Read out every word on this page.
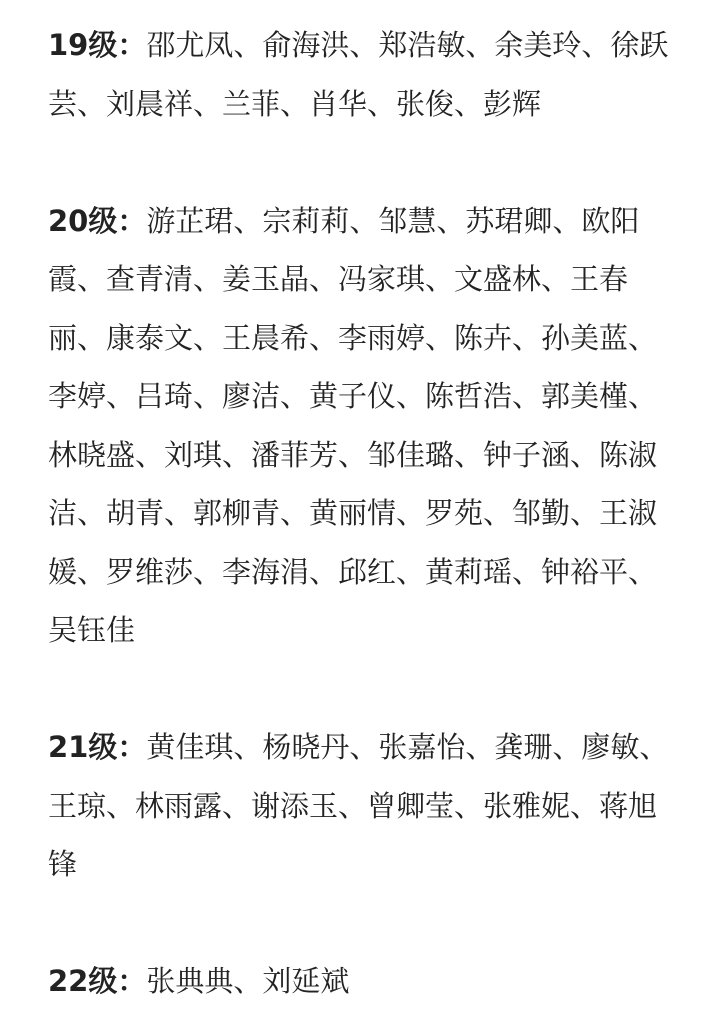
19级：邵尤凤、俞海洪、郑浩敏、余美玲、徐跃芸、刘晨祥、兰菲、肖华、张俊、彭辉

20级：游芷珺、宗莉莉、邹慧、苏珺卿、欧阳霞、查青清、姜玉晶、冯家琪、文盛林、王春丽、康泰文、王晨希、李雨婷、陈卉、孙美蓝、李婷、吕琦、廖洁、黄子仪、陈哲浩、郭美槿、林晓盛、刘琪、潘菲芳、邹佳璐、钟子涵、陈淑洁、胡青、郭柳青、黄丽情、罗苑、邹勤、王淑媛、罗维莎、李海涓、邱红、黄莉瑶、钟裕平、吴钰佳

21级：黄佳琪、杨晓丹、张嘉怡、龚珊、廖敏、王琼、林雨露、谢添玉、曾卿莹、张雅妮、蒋旭锋

22级：张典典、刘延斌
